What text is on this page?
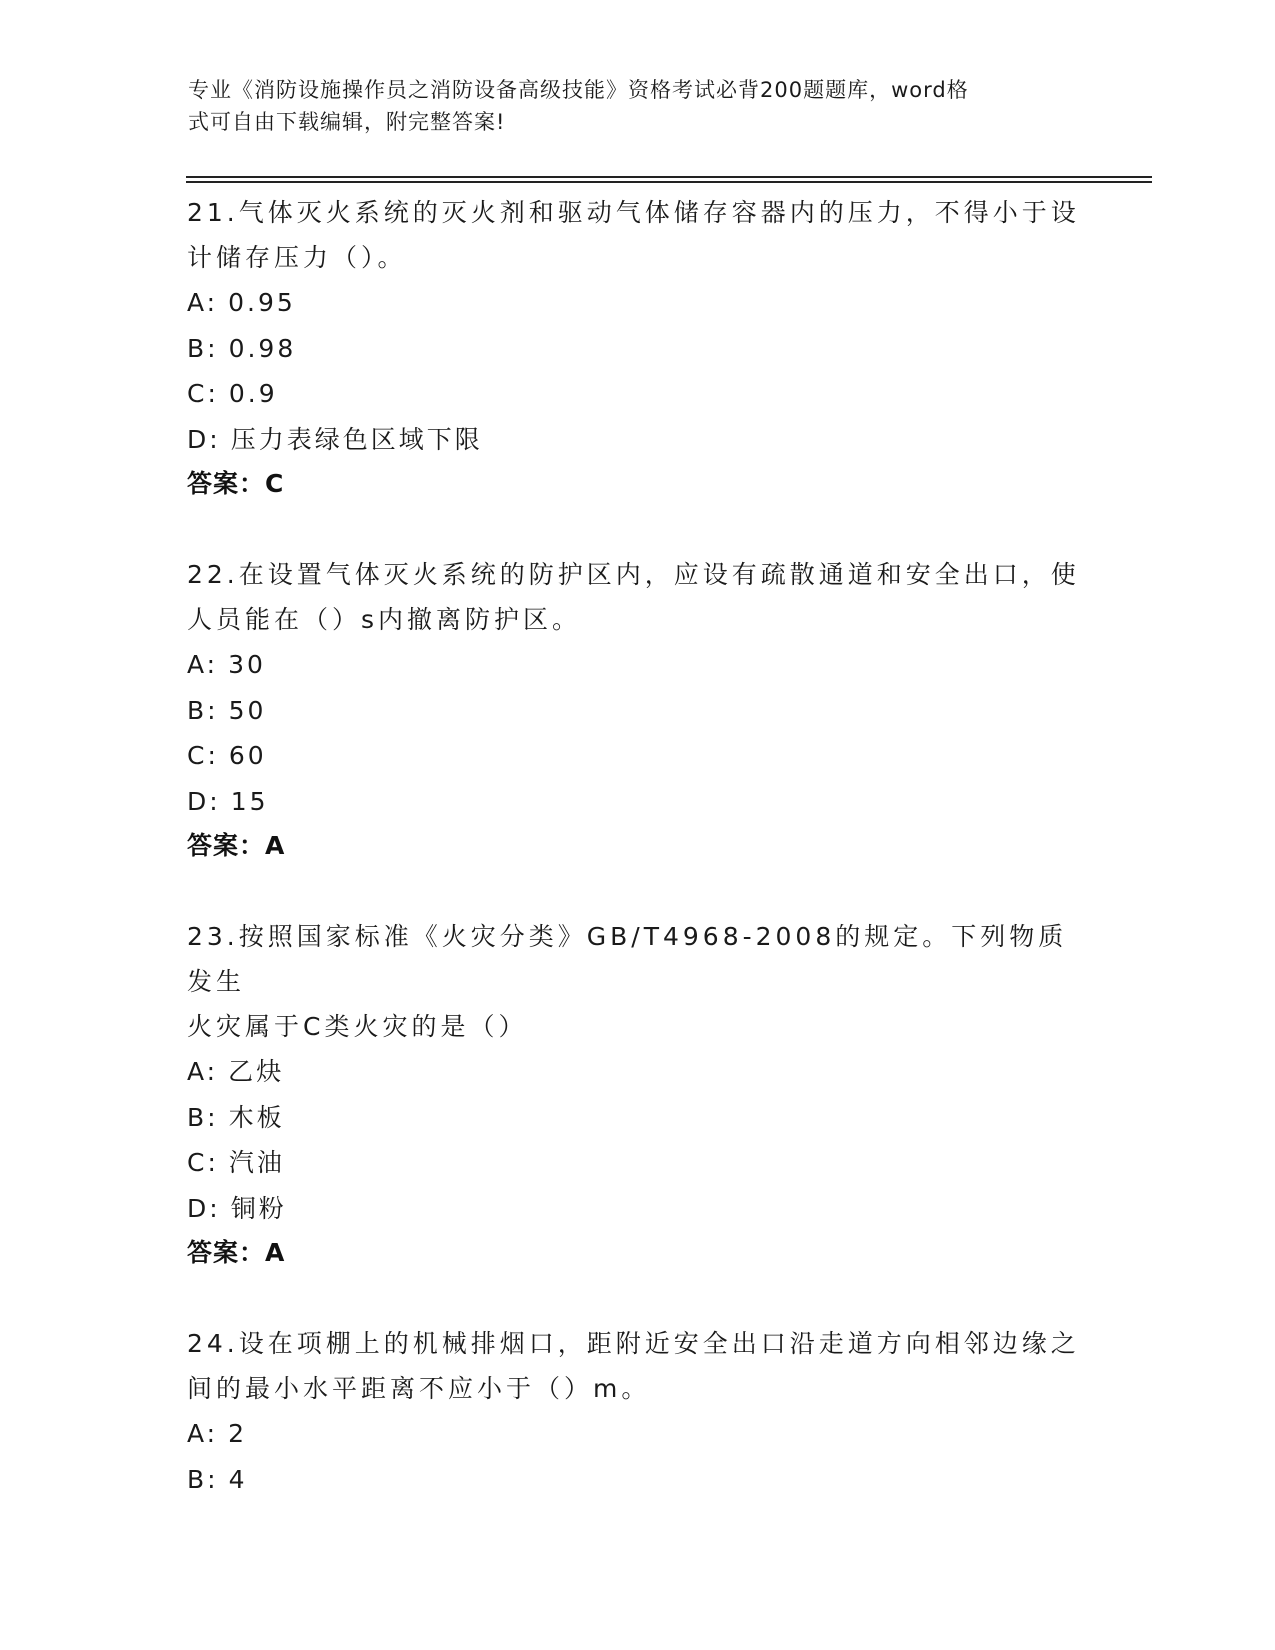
专业《消防设施操作员之消防设备高级技能》资格考试必背200题题库，word格
式可自由下载编辑，附完整答案!
21.气体灭火系统的灭火剂和驱动气体储存容器内的压力，不得小于设
计储存压力（）。
A: 0.95
B: 0.98
C: 0.9
D: 压力表绿色区域下限
答案：C
22.在设置气体灭火系统的防护区内，应设有疏散通道和安全出口，使
人员能在（）s内撤离防护区。
A: 30
B: 50
C: 60
D: 15
答案：A
23.按照国家标准《火灾分类》GB/T4968-2008的规定。下列物质发生
火灾属于C类火灾的是（）
A: 乙炔
B: 木板
C: 汽油
D: 铜粉
答案：A
24.设在项棚上的机械排烟口，距附近安全出口沿走道方向相邻边缘之
间的最小水平距离不应小于（）m。
A: 2
B: 4
